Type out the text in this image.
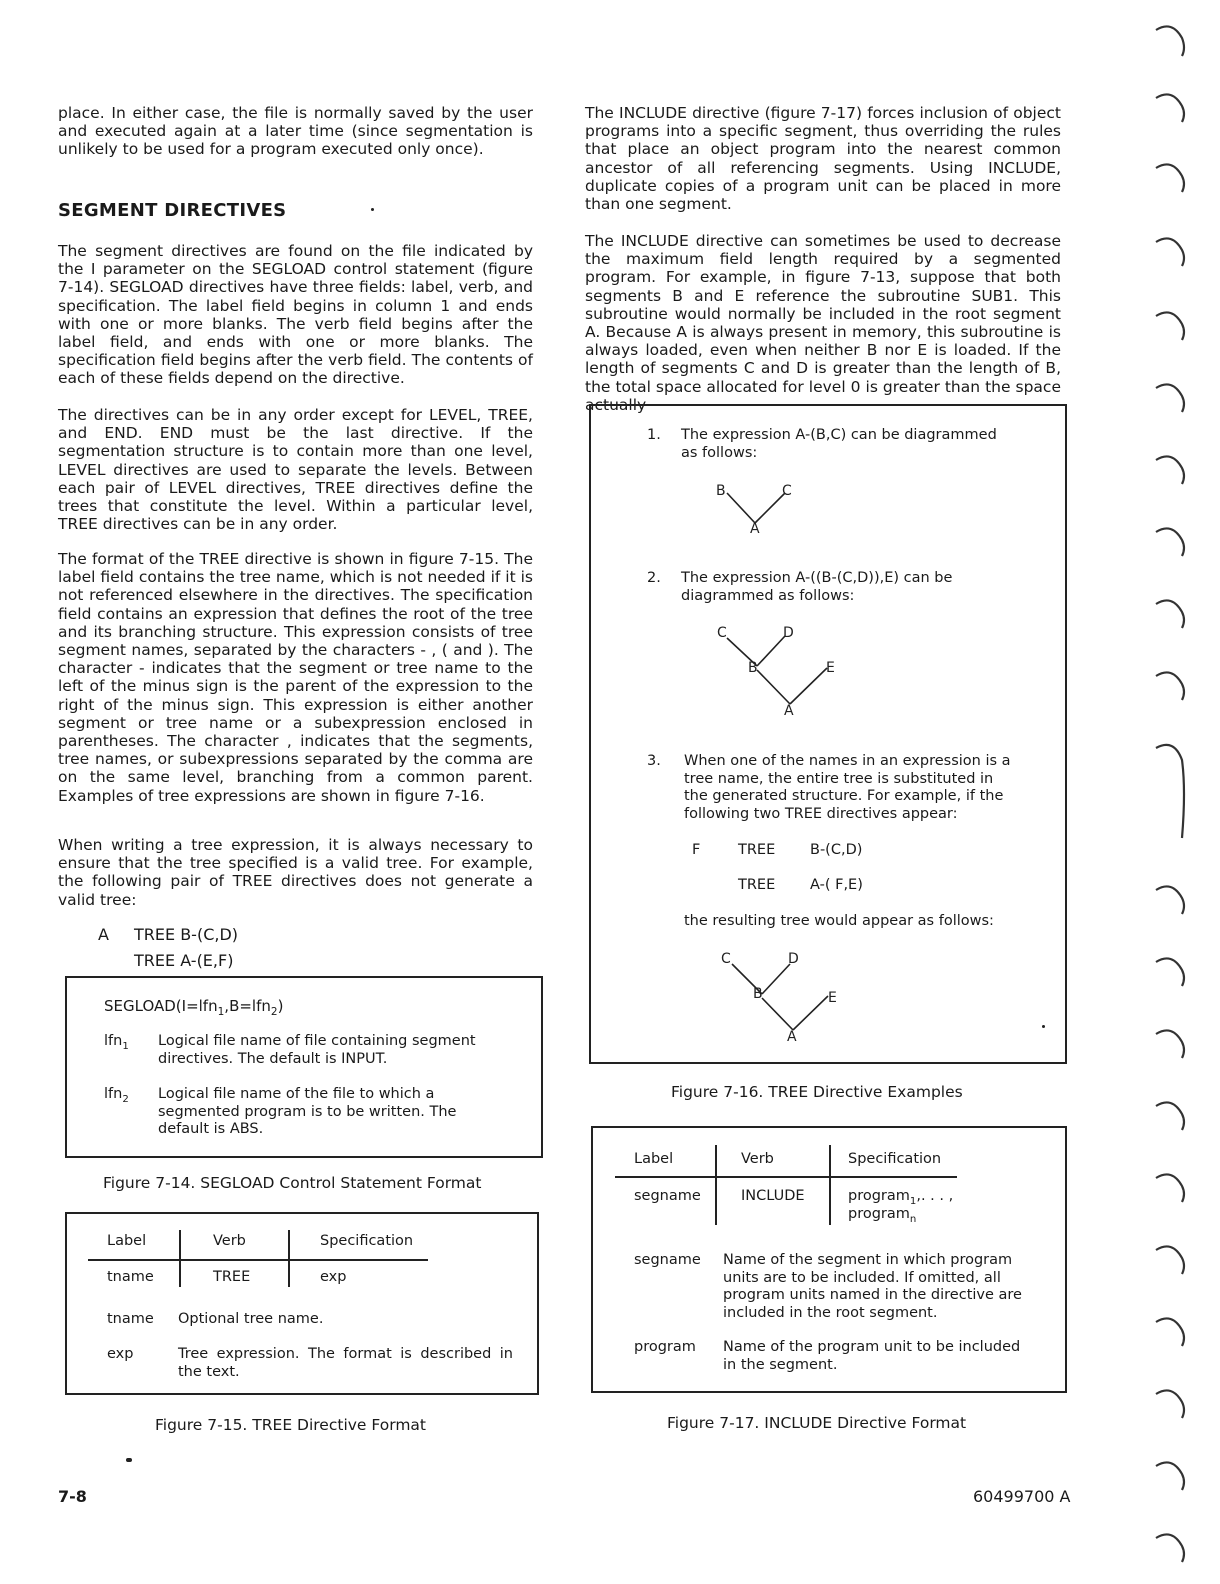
place. In either case, the file is normally saved by the user and executed again at a later time (since segmentation is unlikely to be used for a program executed only once).

SEGMENT DIRECTIVES

The segment directives are found on the file indicated by the I parameter on the SEGLOAD control statement (figure 7-14). SEGLOAD directives have three fields: label, verb, and specification. The label field begins in column 1 and ends with one or more blanks. The verb field begins after the label field, and ends with one or more blanks. The specification field begins after the verb field. The contents of each of these fields depend on the directive.

The directives can be in any order except for LEVEL, TREE, and END. END must be the last directive. If the segmentation structure is to contain more than one level, LEVEL directives are used to separate the levels. Between each pair of LEVEL directives, TREE directives define the trees that constitute the level. Within a particular level, TREE directives can be in any order.

The format of the TREE directive is shown in figure 7-15. The label field contains the tree name, which is not needed if it is not referenced elsewhere in the directives. The specification field contains an expression that defines the root of the tree and its branching structure. This expression consists of tree segment names, separated by the characters - , ( and ). The character - indicates that the segment or tree name to the left of the minus sign is the parent of the expression to the right of the minus sign. This expression is either another segment or tree name or a subexpression enclosed in parentheses. The character , indicates that the segments, tree names, or subexpressions separated by the comma are on the same level, branching from a common parent. Examples of tree expressions are shown in figure 7-16.

When writing a tree expression, it is always necessary to ensure that the tree specified is a valid tree. For example, the following pair of TREE directives does not generate a valid tree:

A TREE B-(C,D)
TREE A-(E,F)
SEGLOAD(I=lfn$_1$,B=lfn$_2$)
lfn$_1$ Logical file name of file containing segment directives. The default is INPUT.
lfn$_2$ Logical file name of the file to which a segmented program is to be written. The default is ABS.
Figure 7-14. SEGLOAD Control Statement Format
Label	Verb	Specification
tname	TREE	exp
tname Optional tree name.
exp	Tree expression. The format is described in the text.
Figure 7-15. TREE Directive Format

The INCLUDE directive (figure 7-17) forces inclusion of object programs into a specific segment, thus overriding the rules that place an object program into the nearest common ancestor of all referencing segments. Using INCLUDE, duplicate copies of a program unit can be placed in more than one segment.

The INCLUDE directive can sometimes be used to decrease the maximum field length required by a segmented program. For example, in figure 7-13, suppose that both segments B and E reference the subroutine SUB1. This subroutine would normally be included in the root segment A. Because A is always present in memory, this subroutine is always loaded, even when neither B nor E is loaded. If the length of segments C and D is greater than the length of B, the total space allocated for level 0 is greater than the space actually

1. The expression A-(B,C) can be diagrammed as follows:
B	C
A
2. The expression A-((B-(C,D)),E) can be diagrammed as follows:
C	D
B	E
A
3. When one of the names in an expression is a tree name, the entire tree is substituted in the generated structure. For example, if the following two TREE directives appear:
F	TREE B-(C,D)
TREE A-( F,E)
the resulting tree would appear as follows:
C	D
B	E
A
Figure 7-16. TREE Directive Examples
Label	Verb	Specification
segname	INCLUDE	program$_1$,. . . ,
program$_n$
segname Name of the segment in which program units are to be included. If omitted, all program units named in the directive are included in the root segment.
program Name of the program unit to be included in the segment.
Figure 7-17. INCLUDE Directive Format
7-8	60499700 A
